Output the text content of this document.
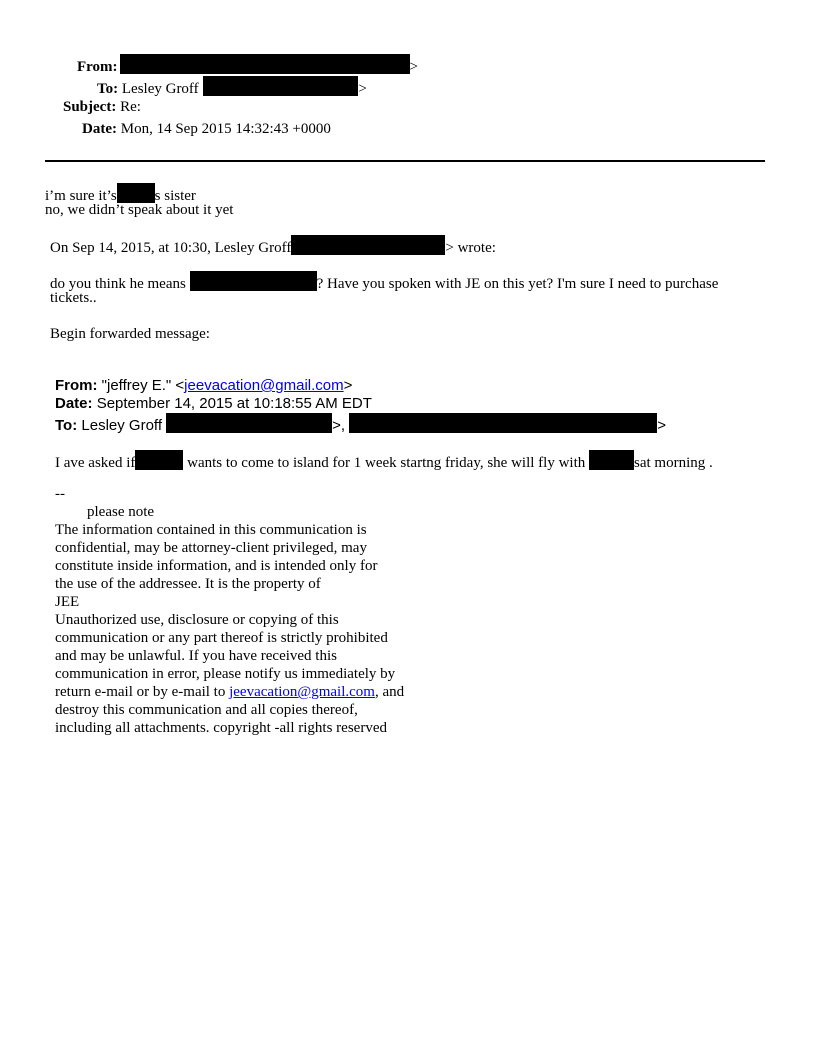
From:	>
To: Lesley Groff	>
Subject: Re:
Date: Mon, 14 Sep 2015 14:32:43 +0000
i’m sure it’s	s sister
no, we didn’t speak about it yet
On Sep 14, 2015, at 10:30, Lesley Groff	> wrote:
do you think he means	? Have you spoken with JE on this yet? I'm sure I need to purchase
tickets..
Begin forwarded message:
From: "jeffrey E." <jeevacation@gmail.com>
Date: September 14, 2015 at 10:18:55 AM EDT
To: Lesley Groff	>,	>
I ave asked if	wants to come to island for 1 week startng friday, she will fly with	sat morning .
--
please note
The information contained in this communication is
confidential, may be attorney-client privileged, may
constitute inside information, and is intended only for
the use of the addressee. It is the property of
JEE
Unauthorized use, disclosure or copying of this
communication or any part thereof is strictly prohibited
and may be unlawful. If you have received this
communication in error, please notify us immediately by
return e-mail or by e-mail to jeevacation@gmail.com, and
destroy this communication and all copies thereof,
including all attachments. copyright -all rights reserved
